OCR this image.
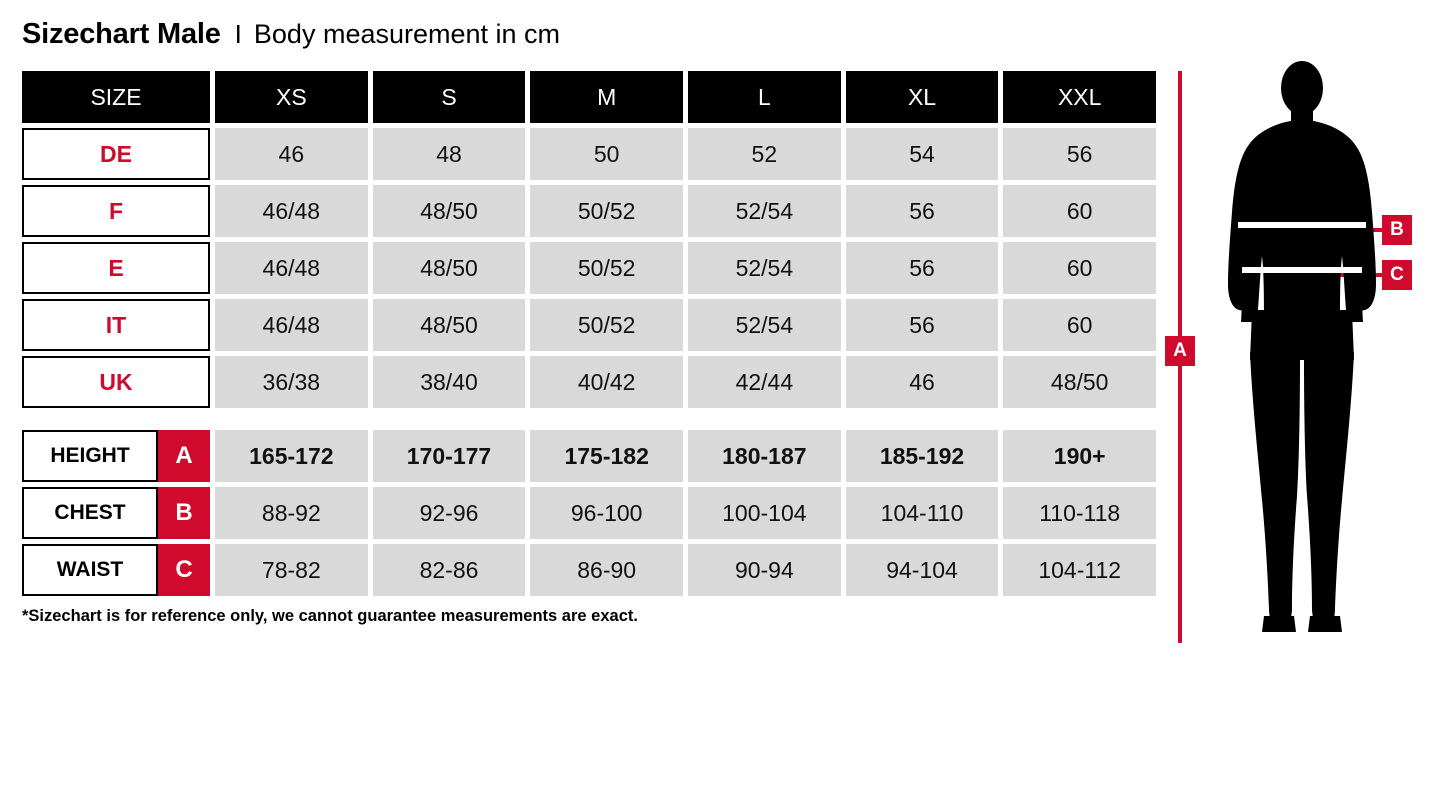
Sizechart Male I Body measurement in cm
SIZE	XS	S	M	L	XL	XXL
DE	46	48	50	52	54	56
F	46/48	48/50	50/52	52/54	56	60
E	46/48	48/50	50/52	52/54	56	60
IT	46/48	48/50	50/52	52/54	56	60
UK	36/38	38/40	40/42	42/44	46	48/50
HEIGHT	A	165-172	170-177	175-182	180-187	185-192	190+
CHEST	B	88-92	92-96	96-100	100-104	104-110	110-118
WAIST	C	78-82	82-86	86-90	90-94	94-104	104-112
*Sizechart is for reference only, we cannot guarantee measurements are exact.
A
B
C
